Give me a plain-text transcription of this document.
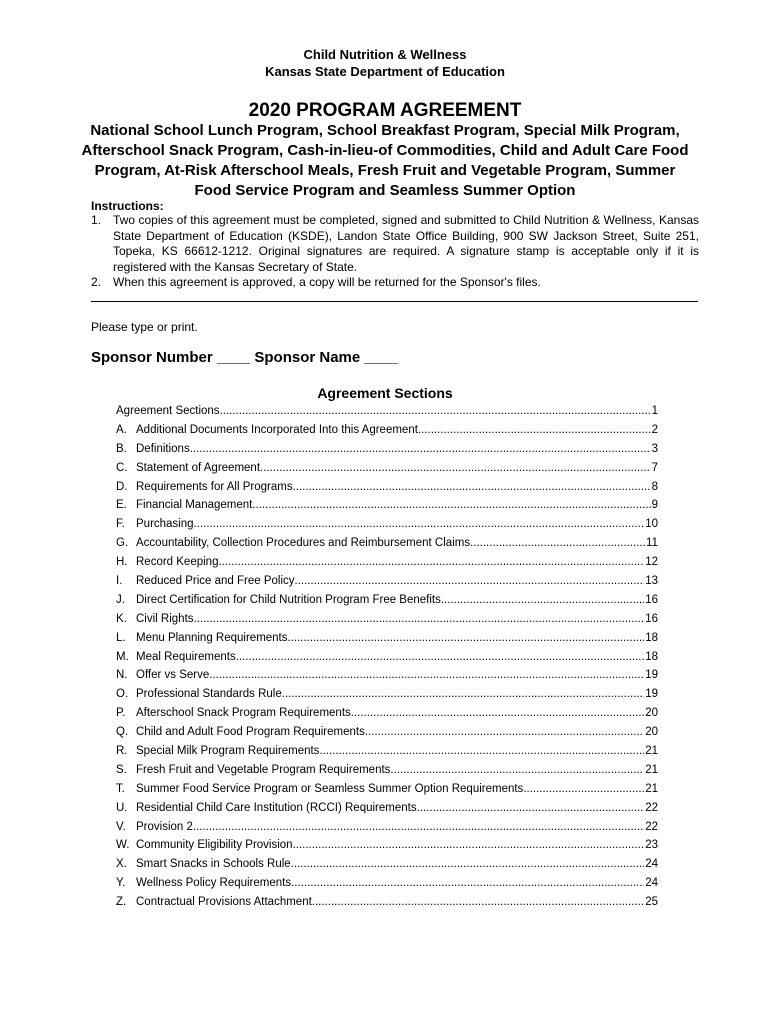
Child Nutrition & Wellness
Kansas State Department of Education
2020 PROGRAM AGREEMENT
National School Lunch Program, School Breakfast Program, Special Milk Program, Afterschool Snack Program, Cash-in-lieu-of Commodities, Child and Adult Care Food Program, At-Risk Afterschool Meals, Fresh Fruit and Vegetable Program, Summer Food Service Program and Seamless Summer Option
Instructions:
1. Two copies of this agreement must be completed, signed and submitted to Child Nutrition & Wellness, Kansas State Department of Education (KSDE), Landon State Office Building, 900 SW Jackson Street, Suite 251, Topeka, KS 66612-1212. Original signatures are required. A signature stamp is acceptable only if it is registered with the Kansas Secretary of State.
2. When this agreement is approved, a copy will be returned for the Sponsor's files.
Please type or print.
Sponsor Number ____ Sponsor Name ____
Agreement Sections
Agreement Sections .....	1
A. Additional Documents Incorporated Into this Agreement .....	2
B. Definitions .....	3
C. Statement of Agreement .....	7
D. Requirements for All Programs .....	8
E. Financial Management .....	9
F. Purchasing .....	10
G. Accountability, Collection Procedures and Reimbursement Claims .....	11
H. Record Keeping .....	12
I.	Reduced Price and Free Policy .....	13
J. Direct Certification for Child Nutrition Program Free Benefits .....	16
K. Civil Rights .....	16
L. Menu Planning Requirements .....	18
M. Meal Requirements .....	18
N. Offer vs Serve .....	19
O. Professional Standards Rule .....	19
P. Afterschool Snack Program Requirements .....	20
Q. Child and Adult Food Program Requirements .....	20
R. Special Milk Program Requirements .....	21
S. Fresh Fruit and Vegetable Program Requirements .....	21
T. Summer Food Service Program or Seamless Summer Option Requirements .....	21
U. Residential Child Care Institution (RCCI) Requirements .....	22
V. Provision 2 .....	22
W. Community Eligibility Provision .....	23
X. Smart Snacks in Schools Rule .....	24
Y. Wellness Policy Requirements .....	24
Z. Contractual Provisions Attachment .....	25
